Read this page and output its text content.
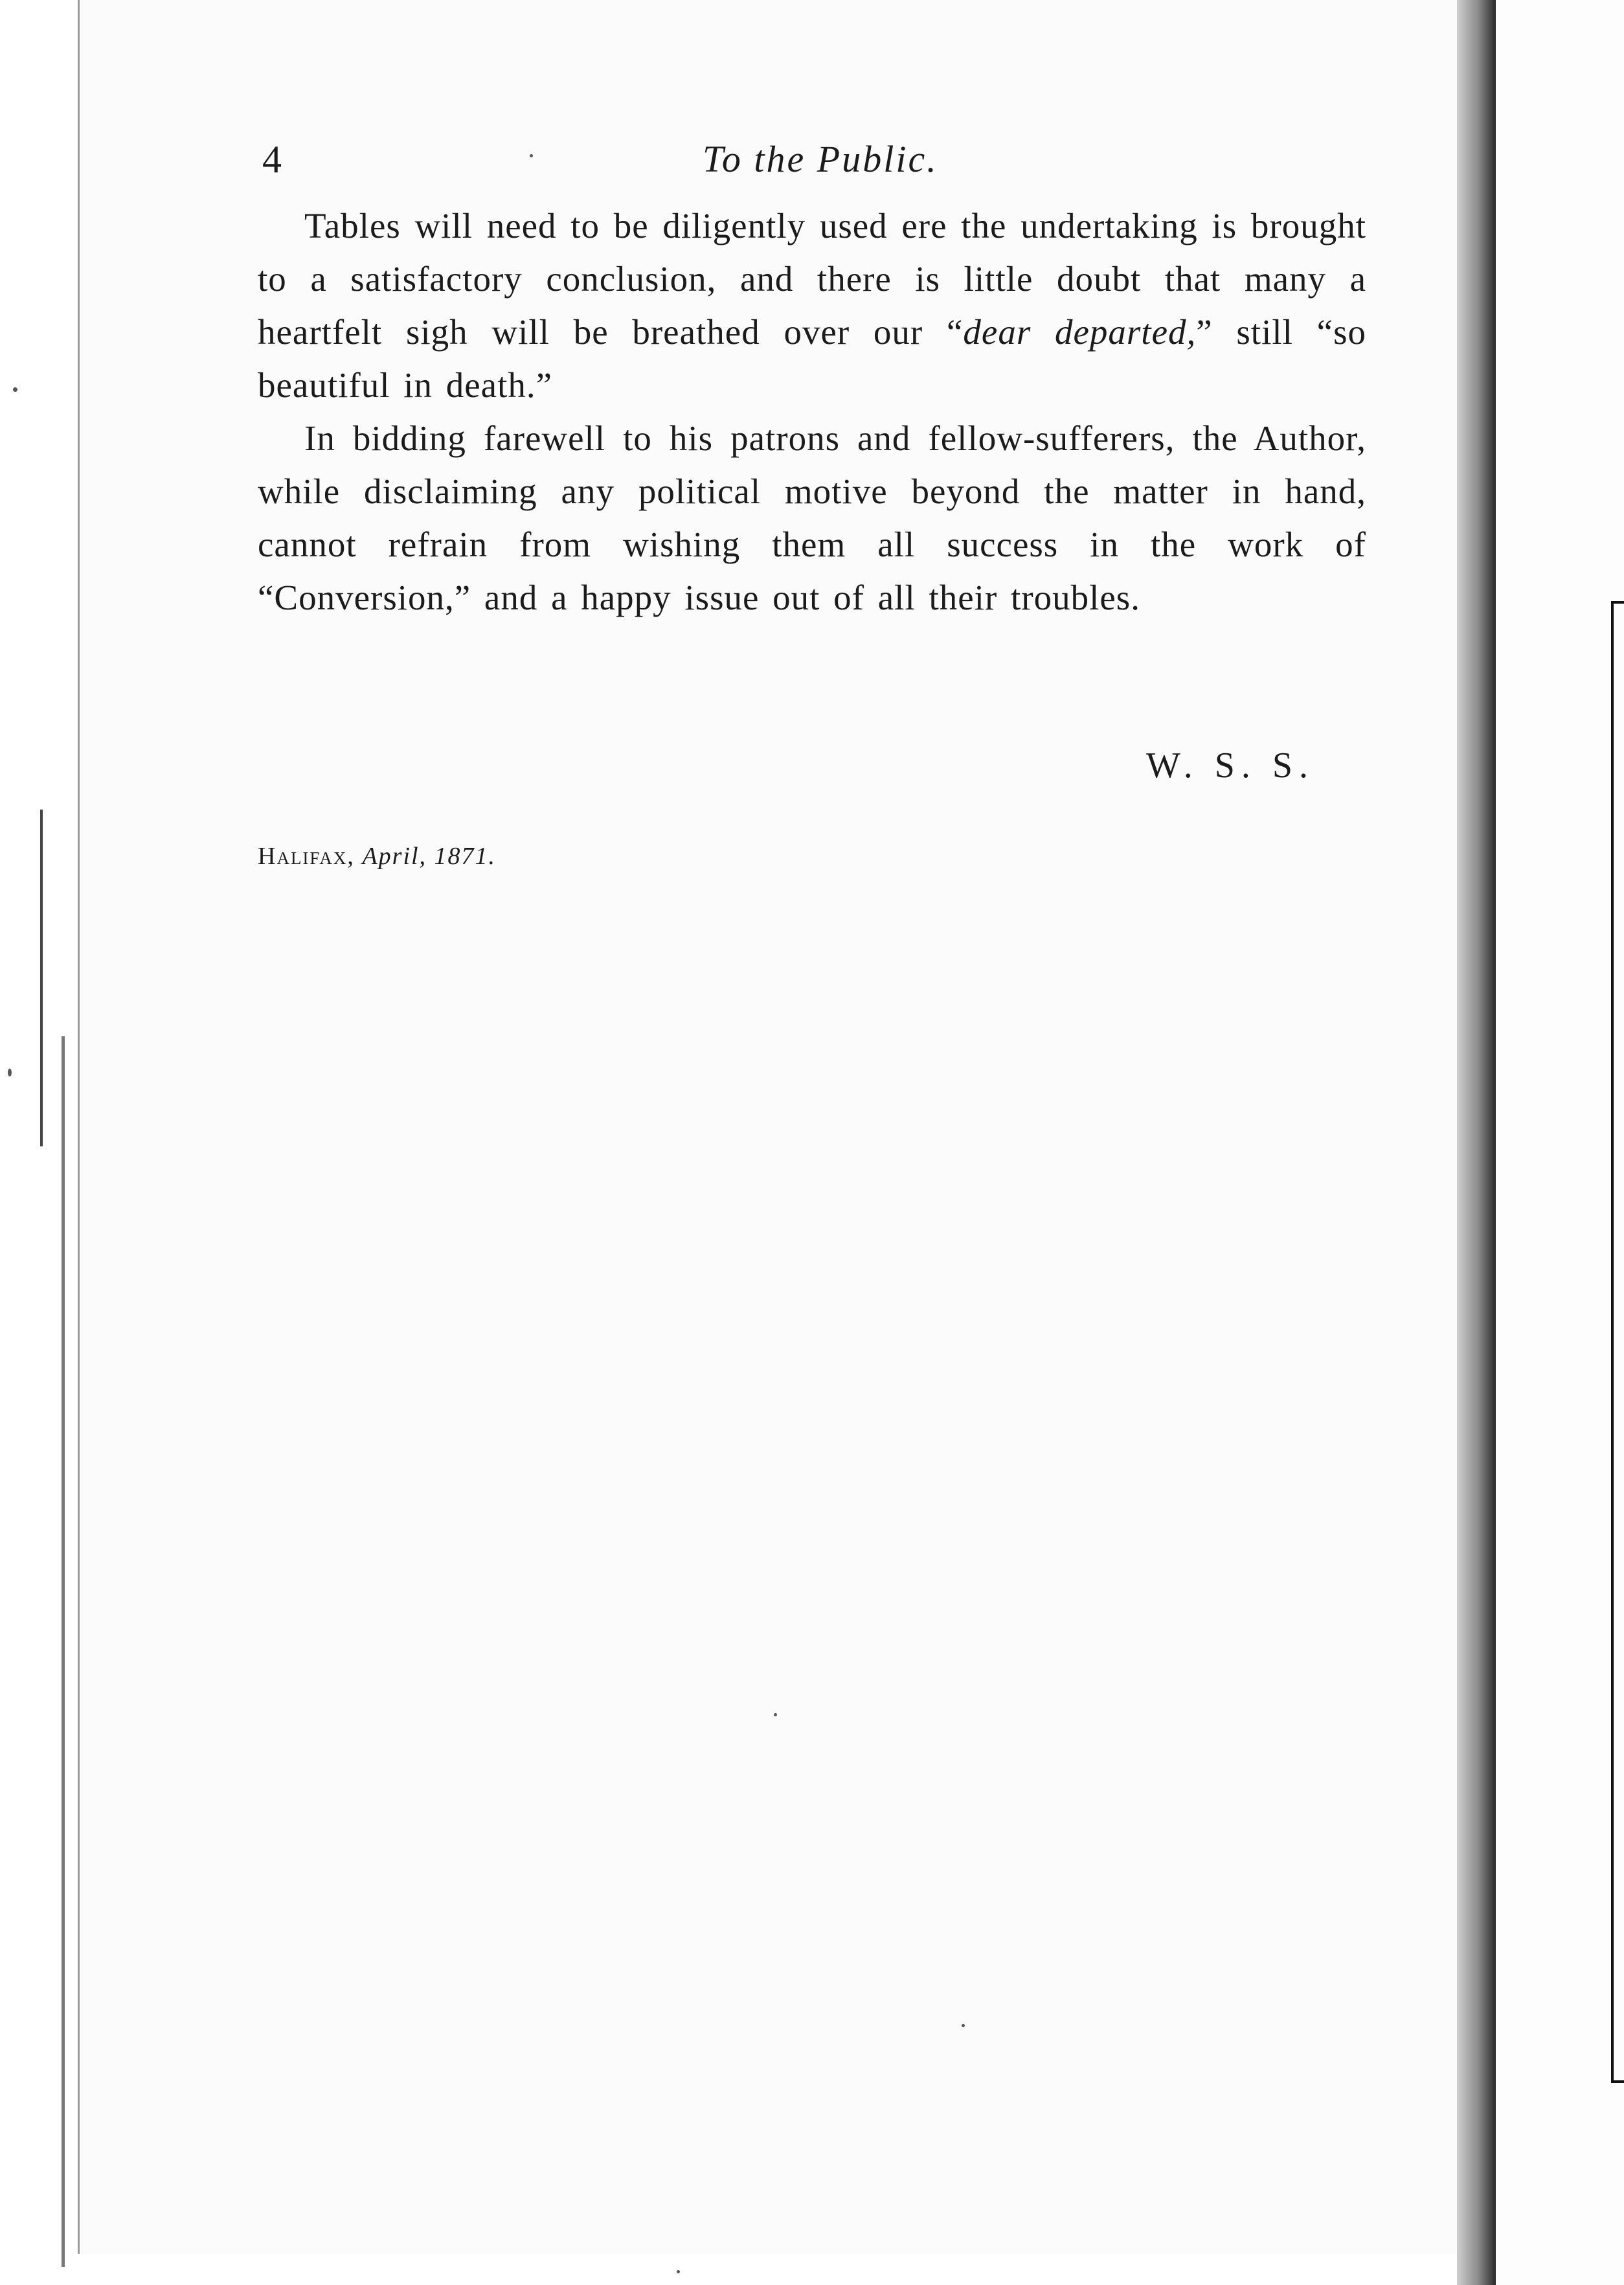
4	To the Public.

Tables will need to be diligently used ere the undertaking is brought to a satisfactory conclusion, and there is little doubt that many a heartfelt sigh will be breathed over our “dear departed,” still “so beautiful in death.”

In bidding farewell to his patrons and fellow-sufferers, the Author, while disclaiming any political motive beyond the matter in hand, cannot refrain from wishing them all success in the work of “Conversion,” and a happy issue out of all their troubles.

W. S. S.
Halifax, April, 1871.
